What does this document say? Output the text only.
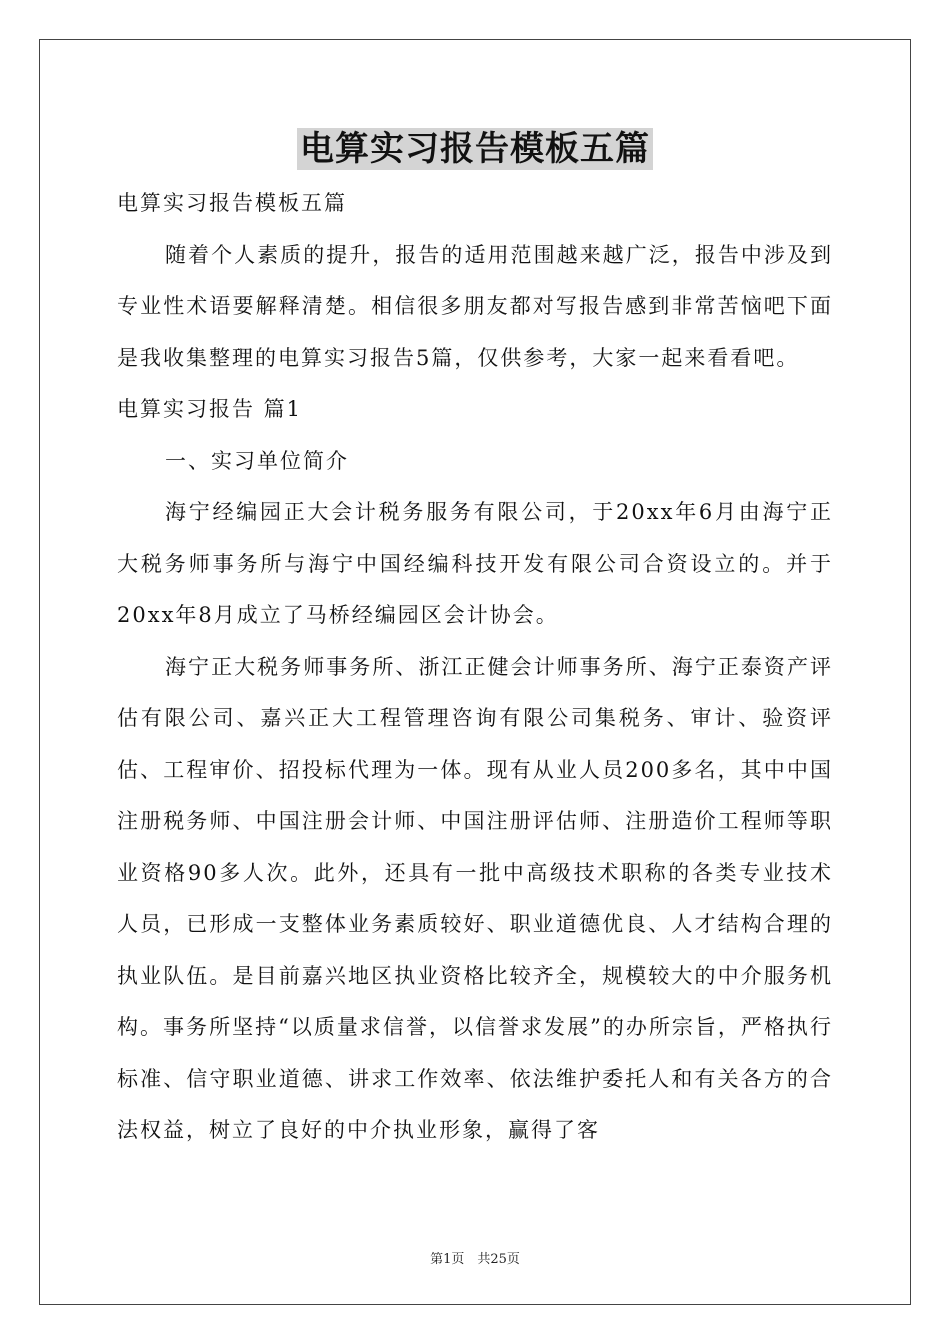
电算实习报告模板五篇

电算实习报告模板五篇

随着个人素质的提升，报告的适用范围越来越广泛，报告中涉及到专业性术语要解释清楚。相信很多朋友都对写报告感到非常苦恼吧下面是我收集整理的电算实习报告5篇，仅供参考，大家一起来看看吧。

电算实习报告 篇1

一、实习单位简介

海宁经编园正大会计税务服务有限公司，于20xx年6月由海宁正大税务师事务所与海宁中国经编科技开发有限公司合资设立的。并于20xx年8月成立了马桥经编园区会计协会。

海宁正大税务师事务所、浙江正健会计师事务所、海宁正泰资产评估有限公司、嘉兴正大工程管理咨询有限公司集税务、审计、验资评估、工程审价、招投标代理为一体。现有从业人员200多名，其中中国注册税务师、中国注册会计师、中国注册评估师、注册造价工程师等职业资格90多人次。此外，还具有一批中高级技术职称的各类专业技术人员，已形成一支整体业务素质较好、职业道德优良、人才结构合理的执业队伍。是目前嘉兴地区执业资格比较齐全，规模较大的中介服务机构。事务所坚持“以质量求信誉，以信誉求发展”的办所宗旨，严格执行标准、信守职业道德、讲求工作效率、依法维护委托人和有关各方的合法权益，树立了良好的中介执业形象，赢得了客

第1页　共25页
